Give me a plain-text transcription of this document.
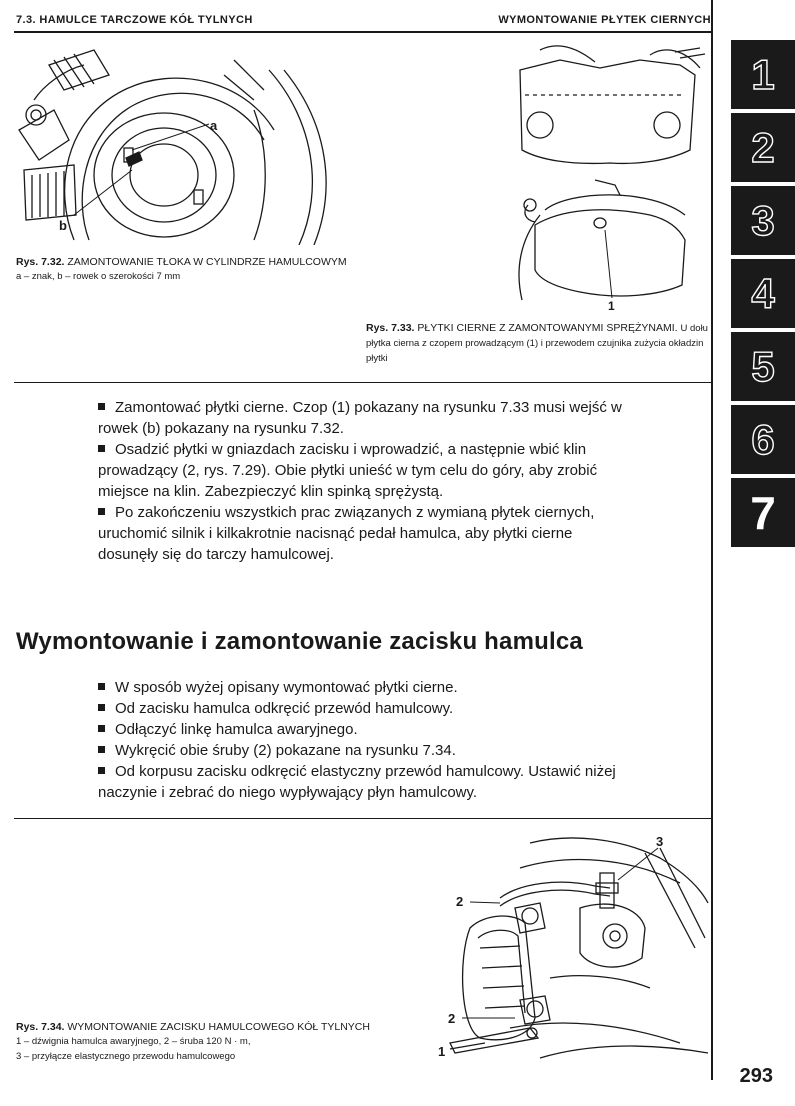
7.3. HAMULCE TARCZOWE KÓŁ TYLNYCH	WYMONTOWANIE PŁYTEK CIERNYCH
1
2
3
4
5
6
7
a
b
Rys. 7.32. ZAMONTOWANIE TŁOKA W CYLINDRZE HAMULCOWYM
a – znak, b – rowek o szerokości 7 mm
1
Rys. 7.33. PŁYTKI CIERNE Z ZAMONTOWANYMI SPRĘŻYNAMI. U dołu płytka cierna z czopem prowadzącym (1) i przewodem czujnika zużycia okładzin płytki

Zamontować płytki cierne. Czop (1) pokazany na rysunku 7.33 musi wejść w rowek (b) pokazany na rysunku 7.32.

Osadzić płytki w gniazdach zacisku i wprowadzić, a następnie wbić klin prowadzący (2, rys. 7.29). Obie płytki unieść w tym celu do góry, aby zrobić miejsce na klin. Zabezpieczyć klin spinką sprężystą.

Po zakończeniu wszystkich prac związanych z wymianą płytek ciernych, uruchomić silnik i kilkakrotnie nacisnąć pedał hamulca, aby płytki cierne dosunęły się do tarczy hamulcowej.

Wymontowanie i zamontowanie zacisku hamulca

W sposób wyżej opisany wymontować płytki cierne.

Od zacisku hamulca odkręcić przewód hamulcowy.

Odłączyć linkę hamulca awaryjnego.

Wykręcić obie śruby (2) pokazane na rysunku 7.34.

Od korpusu zacisku odkręcić elastyczny przewód hamulcowy. Ustawić niżej naczynie i zebrać do niego wypływający płyn hamulcowy.

3
2
2
1
Rys. 7.34. WYMONTOWANIE ZACISKU HAMULCOWEGO KÓŁ TYLNYCH
1 – dźwignia hamulca awaryjnego, 2 – śruba 120 N · m,
3 – przyłącze elastycznego przewodu hamulcowego
293
